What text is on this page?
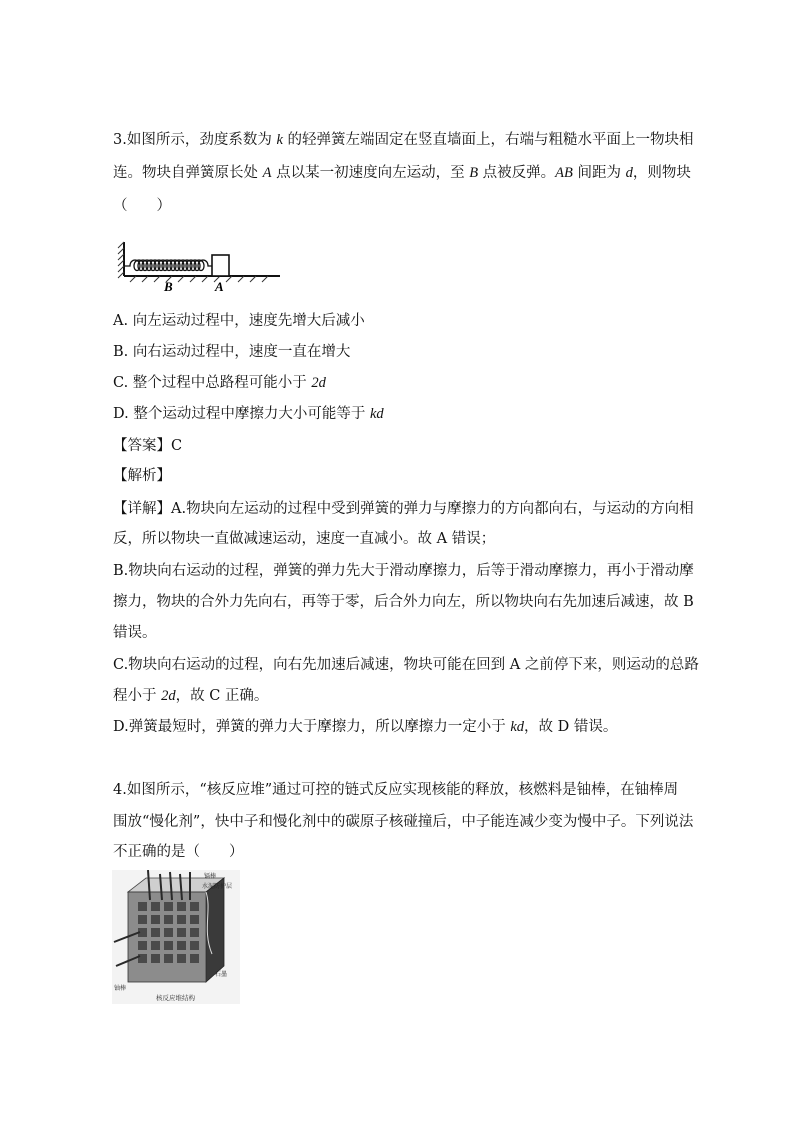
3.如图所示，劲度系数为 k 的轻弹簧左端固定在竖直墙面上，右端与粗糙水平面上一物块相
连。物块自弹簧原长处 A 点以某一初速度向左运动，至 B 点被反弹。AB 间距为 d，则物块
（　　）
B	A
A. 向左运动过程中，速度先增大后减小
B. 向右运动过程中，速度一直在增大
C. 整个过程中总路程可能小于 2d
D. 整个运动过程中摩擦力大小可能等于 kd
【答案】C
【解析】
【详解】A.物块向左运动的过程中受到弹簧的弹力与摩擦力的方向都向右，与运动的方向相
反，所以物块一直做减速运动，速度一直减小。故 A 错误；
B.物块向右运动的过程，弹簧的弹力先大于滑动摩擦力，后等于滑动摩擦力，再小于滑动摩
擦力，物块的合外力先向右，再等于零，后合外力向左，所以物块向右先加速后减速，故 B
错误。
C.物块向右运动的过程，向右先加速后减速，物块可能在回到 A 之前停下来，则运动的总路
程小于 2d，故 C 正确。
D.弹簧最短时，弹簧的弹力大于摩擦力，所以摩擦力一定小于 kd，故 D 错误。
4.如图所示，“核反应堆”通过可控的链式反应实现核能的释放，核燃料是铀棒，在铀棒周
围放“慢化剂”，快中子和慢化剂中的碳原子核碰撞后，中子能连减少变为慢中子。下列说法
不正确的是（　　）
镉棒
水泥防护层
石墨
铀棒
核反应堆结构
